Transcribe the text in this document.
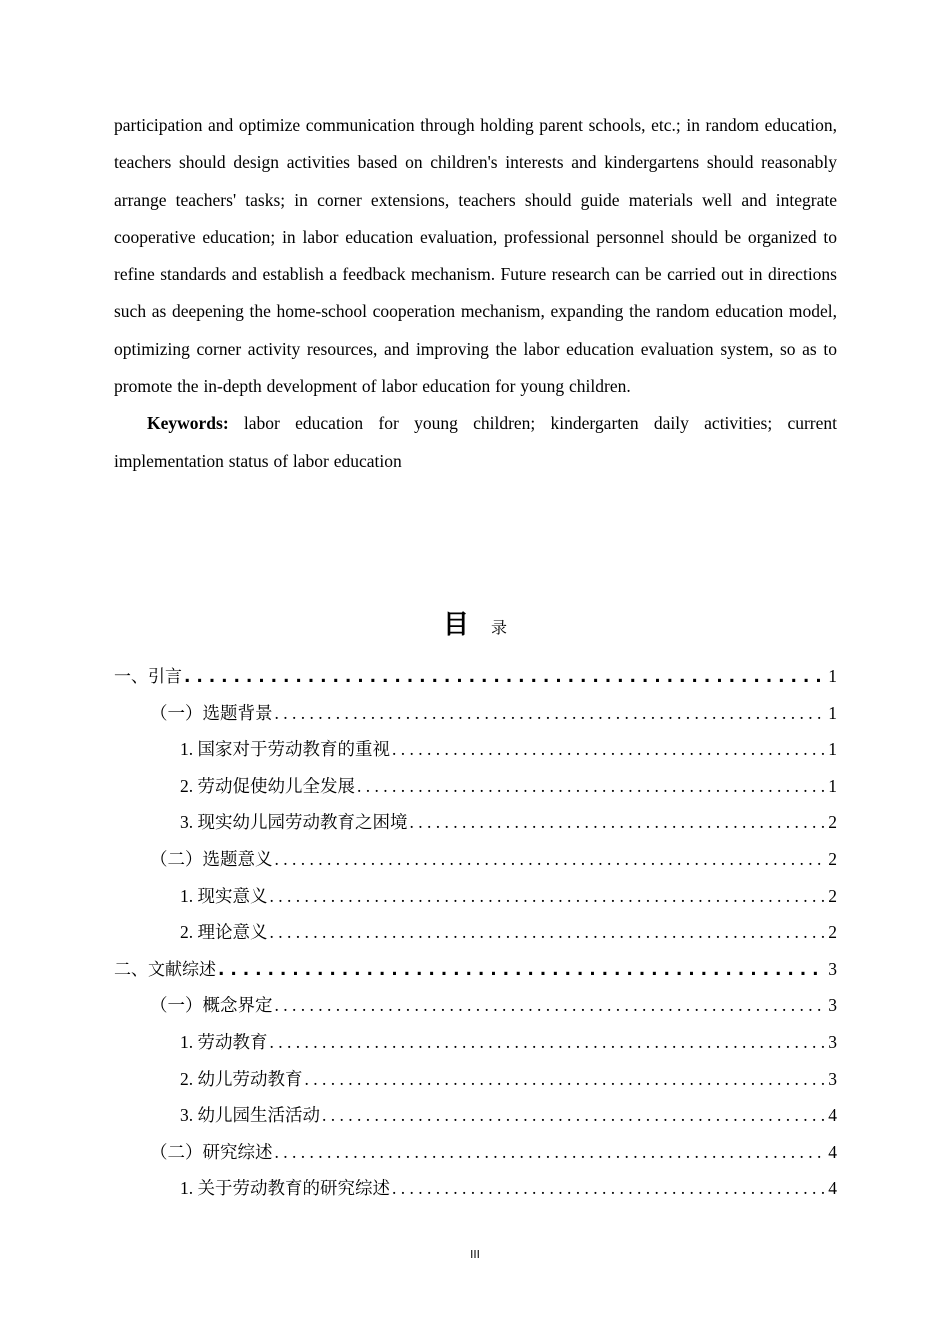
participation and optimize communication through holding parent schools, etc.; in random education, teachers should design activities based on children's interests and kindergartens should reasonably arrange teachers' tasks; in corner extensions, teachers should guide materials well and integrate cooperative education; in labor education evaluation, professional personnel should be organized to refine standards and establish a feedback mechanism. Future research can be carried out in directions such as deepening the home-school cooperation mechanism, expanding the random education model, optimizing corner activity resources, and improving the labor education evaluation system, so as to promote the in-depth development of labor education for young children.

Keywords: labor education for young children; kindergarten daily activities; current implementation status of labor education

目 录
一、引言 . . .	1
（一）选题背景 . . .	1
1. 国家对于劳动教育的重视 . . .	1
2. 劳动促使幼儿全发展 . . .	1
3. 现实幼儿园劳动教育之困境 . . .	2
（二）选题意义 . . .	2
1. 现实意义 . . .	2
2. 理论意义 . . .	2
二、文献综述 . . .	3
（一）概念界定 . . .	3
1. 劳动教育 . . .	3
2. 幼儿劳动教育 . . .	3
3. 幼儿园生活活动 . . .	4
（二）研究综述 . . .	4
1. 关于劳动教育的研究综述 . . .	4
III
